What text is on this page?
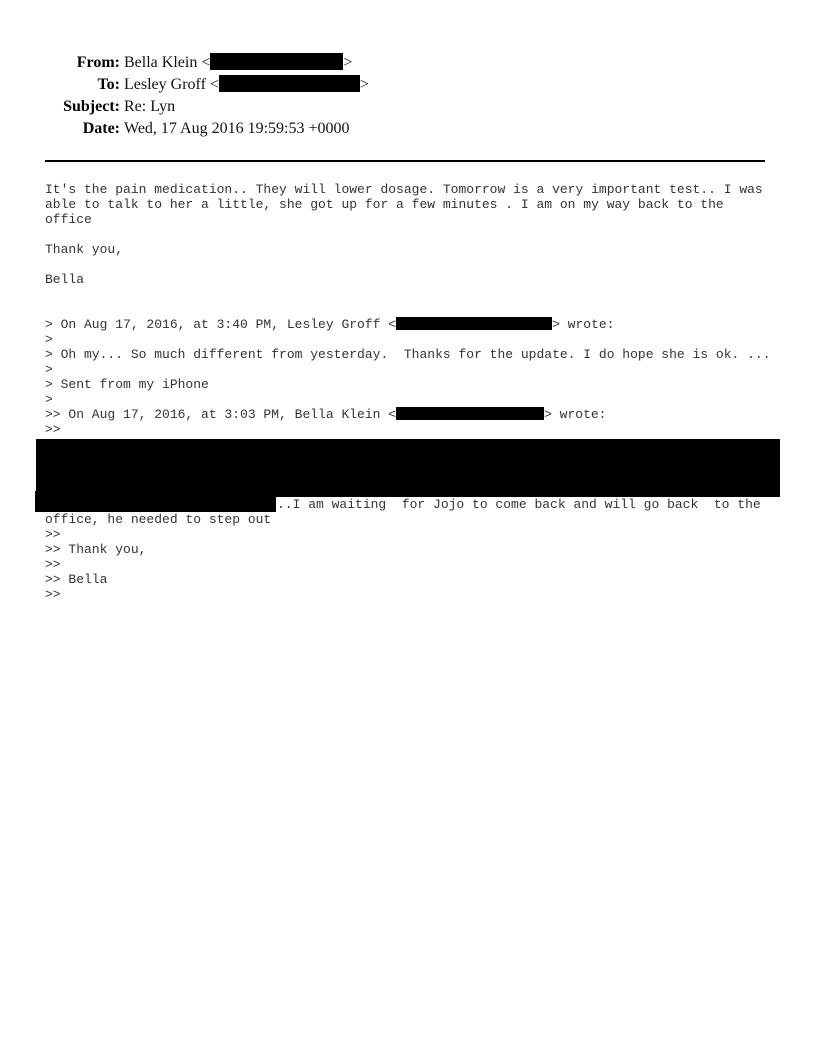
From: Bella Klein <	>
To: Lesley Groff <	>
Subject: Re: Lyn
Date: Wed, 17 Aug 2016 19:59:53 +0000
It's the pain medication.. They will lower dosage. Tomorrow is a very important test.. I was
able to talk to her a little, she got up for a few minutes . I am on my way back to the
office
Thank you,
Bella
> On Aug 17, 2016, at 3:40 PM, Lesley Groff <	> wrote:
>
> Oh my... So much different from yesterday.  Thanks for the update. I do hope she is ok. ...
>
> Sent from my iPhone
>
>> On Aug 17, 2016, at 3:03 PM, Bella Klein <	> wrote:
>>
..I am waiting  for Jojo to come back and will go back  to the
office, he needed to step out
>>
>> Thank you,
>>
>> Bella
>>
